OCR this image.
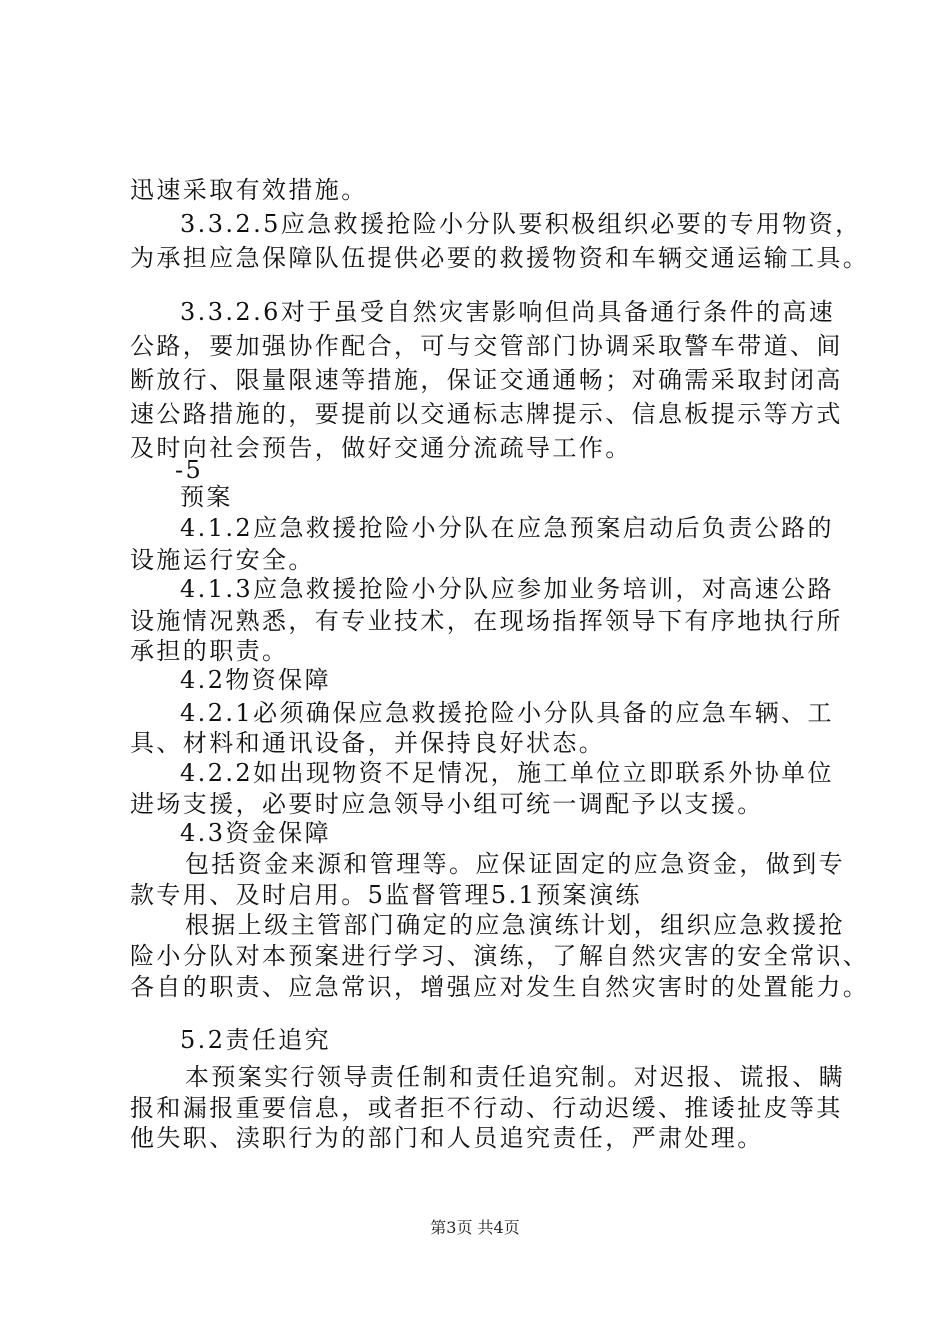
迅速采取有效措施。
3.3.2.5应急救援抢险小分队要积极组织必要的专用物资，
为承担应急保障队伍提供必要的救援物资和车辆交通运输工具。
3.3.2.6对于虽受自然灾害影响但尚具备通行条件的高速
公路，要加强协作配合，可与交管部门协调采取警车带道、间
断放行、限量限速等措施，保证交通通畅；对确需采取封闭高
速公路措施的，要提前以交通标志牌提示、信息板提示等方式
及时向社会预告，做好交通分流疏导工作。
-5
预案
4.1.2应急救援抢险小分队在应急预案启动后负责公路的
设施运行安全。
4.1.3应急救援抢险小分队应参加业务培训，对高速公路
设施情况熟悉，有专业技术，在现场指挥领导下有序地执行所
承担的职责。
4.2物资保障
4.2.1必须确保应急救援抢险小分队具备的应急车辆、工
具、材料和通讯设备，并保持良好状态。
4.2.2如出现物资不足情况，施工单位立即联系外协单位
进场支援，必要时应急领导小组可统一调配予以支援。
4.3资金保障
包括资金来源和管理等。应保证固定的应急资金，做到专
款专用、及时启用。5监督管理5.1预案演练
根据上级主管部门确定的应急演练计划，组织应急救援抢
险小分队对本预案进行学习、演练，了解自然灾害的安全常识、
各自的职责、应急常识，增强应对发生自然灾害时的处置能力。
5.2责任追究
本预案实行领导责任制和责任追究制。对迟报、谎报、瞒
报和漏报重要信息，或者拒不行动、行动迟缓、推诿扯皮等其
他失职、渎职行为的部门和人员追究责任，严肃处理。
第3页 共4页
